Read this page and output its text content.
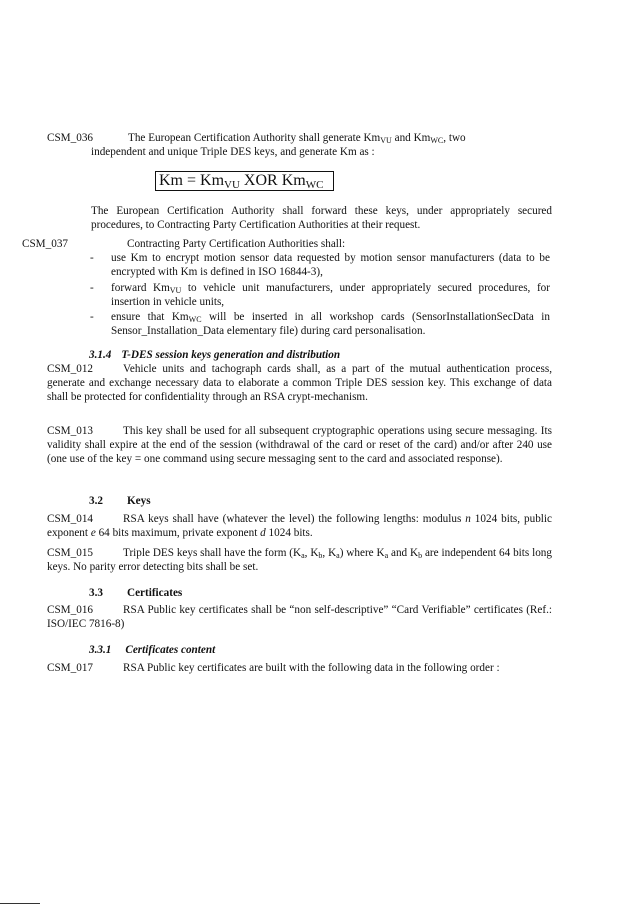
CSM_036	The European Certification Authority shall generate $Km_{VU}$ and $Km_{WC}$, two
independent and unique Triple DES keys, and generate Km as :
$Km = Km_{VU}$ XOR $Km_{WC}$
The European Certification Authority shall forward these keys, under appropriately secured procedures, to Contracting Party Certification Authorities at their request.
CSM_037	Contracting Party Certification Authorities shall:
- use Km to encrypt motion sensor data requested by motion sensor manufacturers (data to be encrypted with Km is defined in ISO 16844-3),
- forward $Km_{VU}$ to vehicle unit manufacturers, under appropriately secured procedures, for insertion in vehicle units,
- ensure that $Km_{WC}$ will be inserted in all workshop cards (SensorInstallationSecData in Sensor_Installation_Data elementary file) during card personalisation.
3.1.4 T-DES session keys generation and distribution
CSM_012	Vehicle units and tachograph cards shall, as a part of the mutual authentication process, generate and exchange necessary data to elaborate a common Triple DES session key. This exchange of data shall be protected for confidentiality through an RSA crypt-mechanism.
CSM_013	This key shall be used for all subsequent cryptographic operations using secure messaging. Its validity shall expire at the end of the session (withdrawal of the card or reset of the card) and/or after 240 use (one use of the key = one command using secure messaging sent to the card and associated response).
3.2 Keys
CSM_014	RSA keys shall have (whatever the level) the following lengths: modulus n 1024 bits, public exponent e 64 bits maximum, private exponent d 1024 bits.
CSM_015	Triple DES keys shall have the form ($K_a$, $K_b$, $K_a$) where $K_a$ and $K_b$ are independent 64 bits long keys. No parity error detecting bits shall be set.
3.3 Certificates
CSM_016	RSA Public key certificates shall be “non self-descriptive” “Card Verifiable” certificates (Ref.: ISO/IEC 7816-8)
3.3.1 Certificates content
CSM_017	RSA Public key certificates are built with the following data in the following order :
